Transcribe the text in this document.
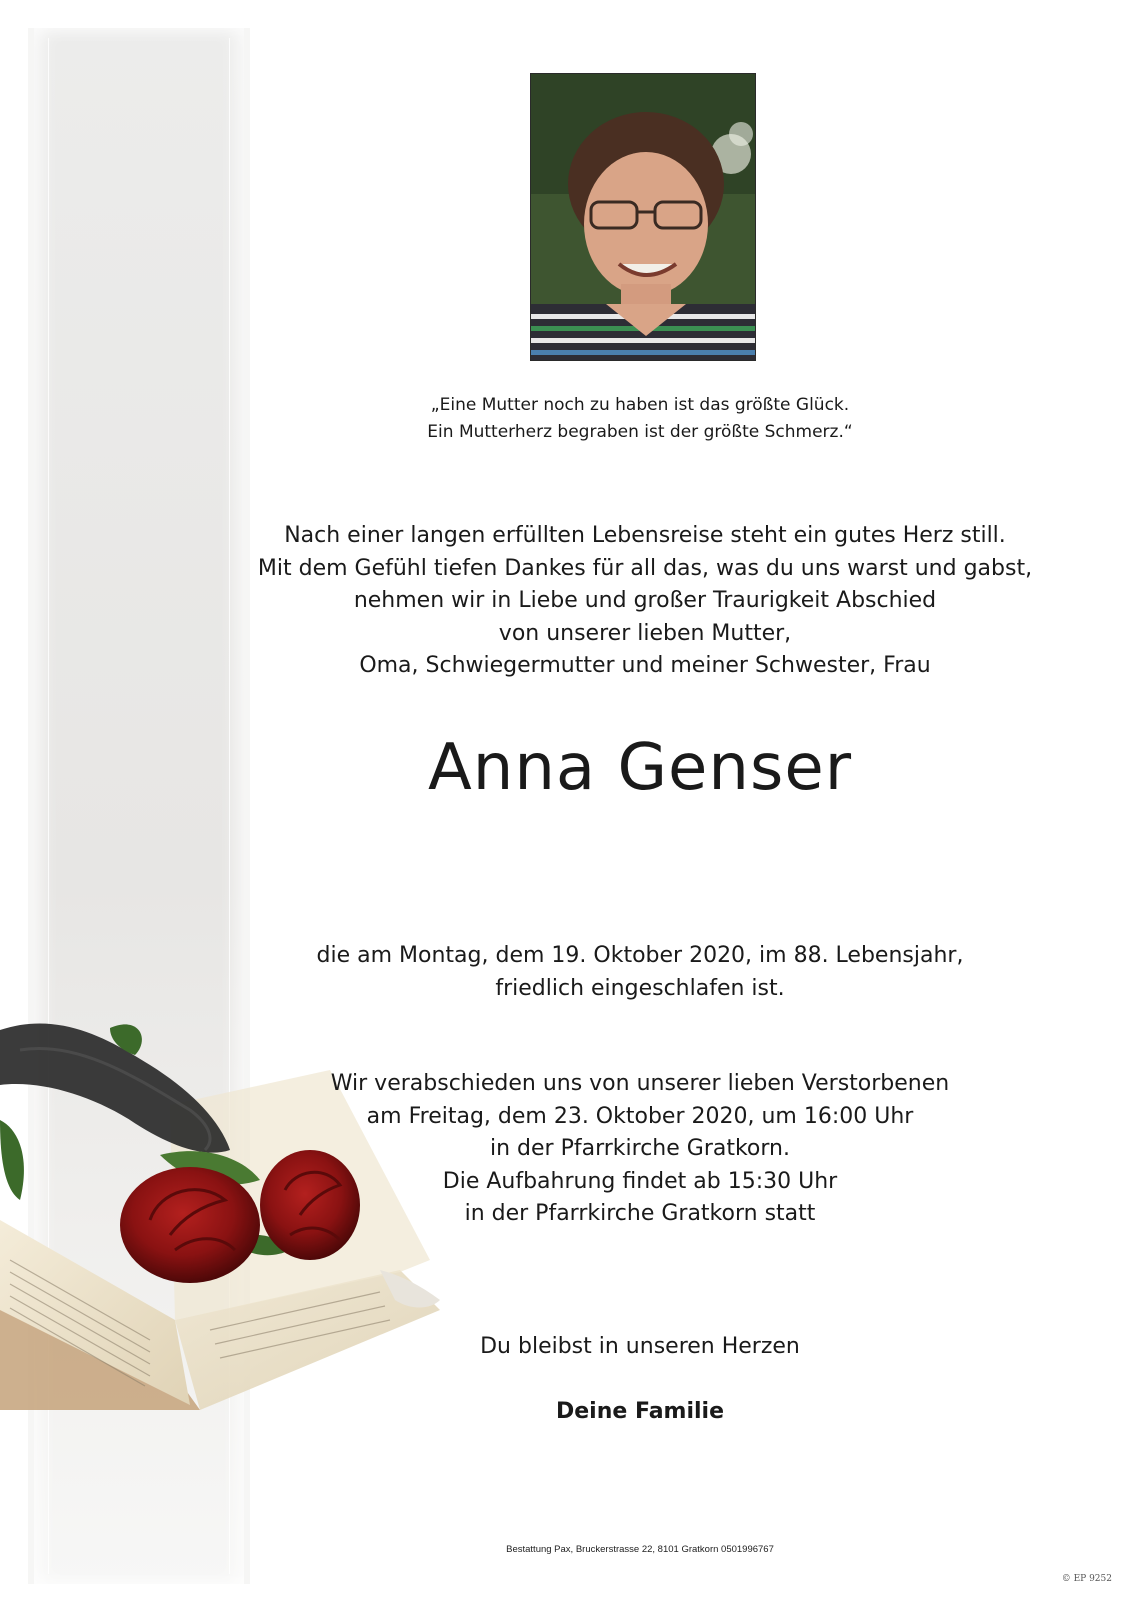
„Eine Mutter noch zu haben ist das größte Glück.
Ein Mutterherz begraben ist der größte Schmerz.“
Nach einer langen erfüllten Lebensreise steht ein gutes Herz still.
Mit dem Gefühl tiefen Dankes für all das, was du uns warst und gabst,
nehmen wir in Liebe und großer Traurigkeit Abschied
von unserer lieben Mutter,
Oma, Schwiegermutter und meiner Schwester, Frau
Anna Genser
die am Montag, dem 19. Oktober 2020, im 88. Lebensjahr,
friedlich eingeschlafen ist.
Wir verabschieden uns von unserer lieben Verstorbenen
am Freitag, dem 23. Oktober 2020, um 16:00 Uhr
in der Pfarrkirche Gratkorn.
Die Aufbahrung findet ab 15:30 Uhr
in der Pfarrkirche Gratkorn statt
Du bleibst in unseren Herzen
Deine Familie
Bestattung Pax, Bruckerstrasse 22, 8101 Gratkorn 0501996767
© EP 9252
